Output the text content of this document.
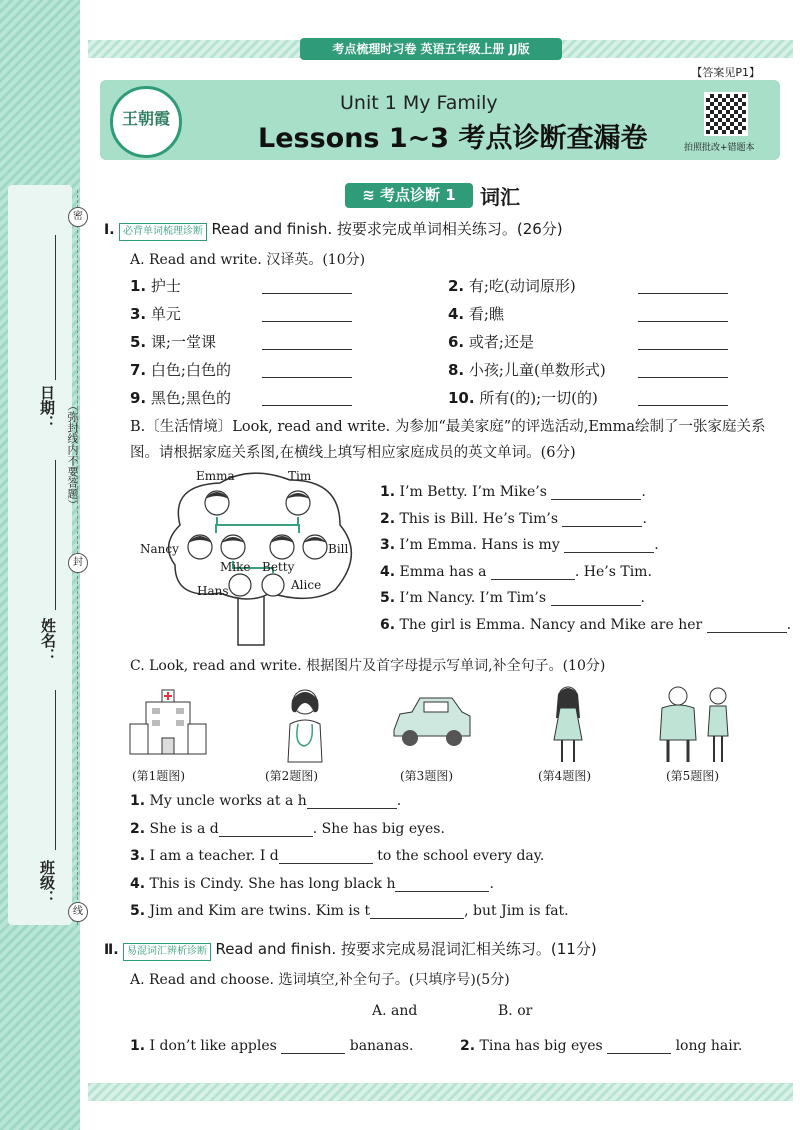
日期：
姓名：
班级：
（弥封线内不要答题）
密
封
线
考点梳理时习卷 英语五年级上册 JJ版
【答案见P1】
王朝霞
Unit 1 My Family
Lessons 1~3 考点诊断查漏卷	拍照批改+错题本
≋ 考点诊断 1	词汇
Ⅰ. 必背单词梳理诊断 Read and finish. 按要求完成单词相关练习。(26分)
A. Read and write. 汉译英。(10分)
1. 护士	2. 有;吃(动词原形)
3. 单元	4. 看;瞧
5. 课;一堂课	6. 或者;还是
7. 白色;白色的	8. 小孩;儿童(单数形式)
9. 黑色;黑色的	10. 所有(的);一切(的)
B.〔生活情境〕Look, read and write. 为参加“最美家庭”的评选活动,Emma绘制了一张家庭关系
图。请根据家庭关系图,在横线上填写相应家庭成员的英文单词。(6分)
Emma	Tim
Nancy	Bill
Mike Betty
Hans	Alice
1. I’m Betty. I’m Mike’s	.
2. This is Bill. He’s Tim’s	.
3. I’m Emma. Hans is my	.
4. Emma has a	. He’s Tim.
5. I’m Nancy. I’m Tim’s	.
6. The girl is Emma. Nancy and Mike are her	.
C. Look, read and write. 根据图片及首字母提示写单词,补全句子。(10分)
(第1题图)	(第2题图)	(第3题图)	(第4题图)	(第5题图)
1. My uncle works at a h	.
2. She is a d	. She has big eyes.
3. I am a teacher. I d	to the school every day.
4. This is Cindy. She has long black h	.
5. Jim and Kim are twins. Kim is t	, but Jim is fat.
Ⅱ. 易混词汇辨析诊断 Read and finish. 按要求完成易混词汇相关练习。(11分)
A. Read and choose. 选词填空,补全句子。(只填序号)(5分)
A. and	B. or
1. I don’t like apples	bananas.	2. Tina has big eyes	long hair.
